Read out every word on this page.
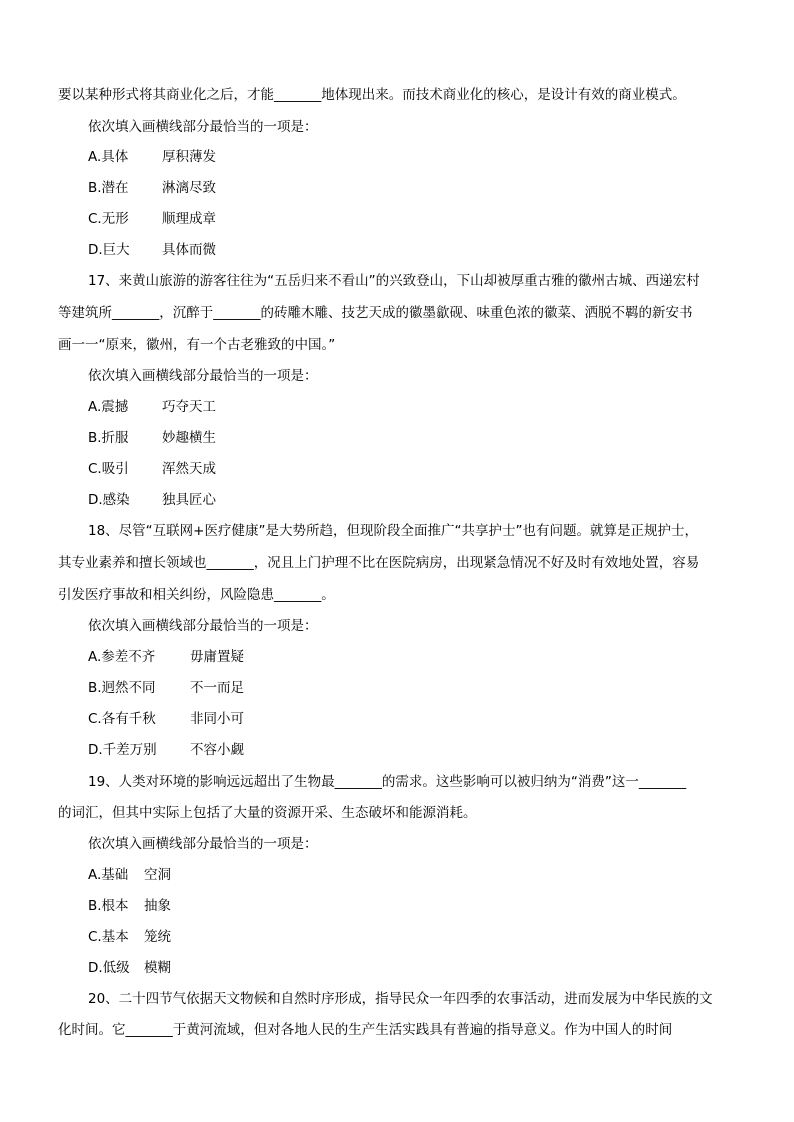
要以某种形式将其商业化之后，才能_______地体现出来。而技术商业化的核心，是设计有效的商业模式。
依次填入画横线部分最恰当的一项是：
A.具体 厚积薄发
B.潜在 淋漓尽致
C.无形 顺理成章
D.巨大 具体而微
17、来黄山旅游的游客往往为“五岳归来不看山”的兴致登山，下山却被厚重古雅的徽州古城、西递宏村
等建筑所_______，沉醉于_______的砖雕木雕、技艺天成的徽墨歙砚、味重色浓的徽菜、洒脱不羁的新安书
画一一“原来，徽州，有一个古老雅致的中国。”
依次填入画横线部分最恰当的一项是：
A.震撼 巧夺天工
B.折服 妙趣横生
C.吸引 浑然天成
D.感染 独具匠心
18、尽管“互联网+医疗健康”是大势所趋，但现阶段全面推广“共享护士”也有问题。就算是正规护士，
其专业素养和擅长领域也_______，况且上门护理不比在医院病房，出现紧急情况不好及时有效地处置，容易
引发医疗事故和相关纠纷，风险隐患_______。
依次填入画横线部分最恰当的一项是：
A.参差不齐	毋庸置疑
B.迥然不同	不一而足
C.各有千秋	非同小可
D.千差万别 不容小觑
19、人类对环境的影响远远超出了生物最_______的需求。这些影响可以被归纳为“消费”这一_______
的词汇，但其中实际上包括了大量的资源开采、生态破坏和能源消耗。
依次填入画横线部分最恰当的一项是：
A.基础 空洞
B.根本 抽象
C.基本 笼统
D.低级 模糊
20、二十四节气依据天文物候和自然时序形成，指导民众一年四季的农事活动，进而发展为中华民族的文
化时间。它_______于黄河流域，但对各地人民的生产生活实践具有普遍的指导意义。作为中国人的时间
